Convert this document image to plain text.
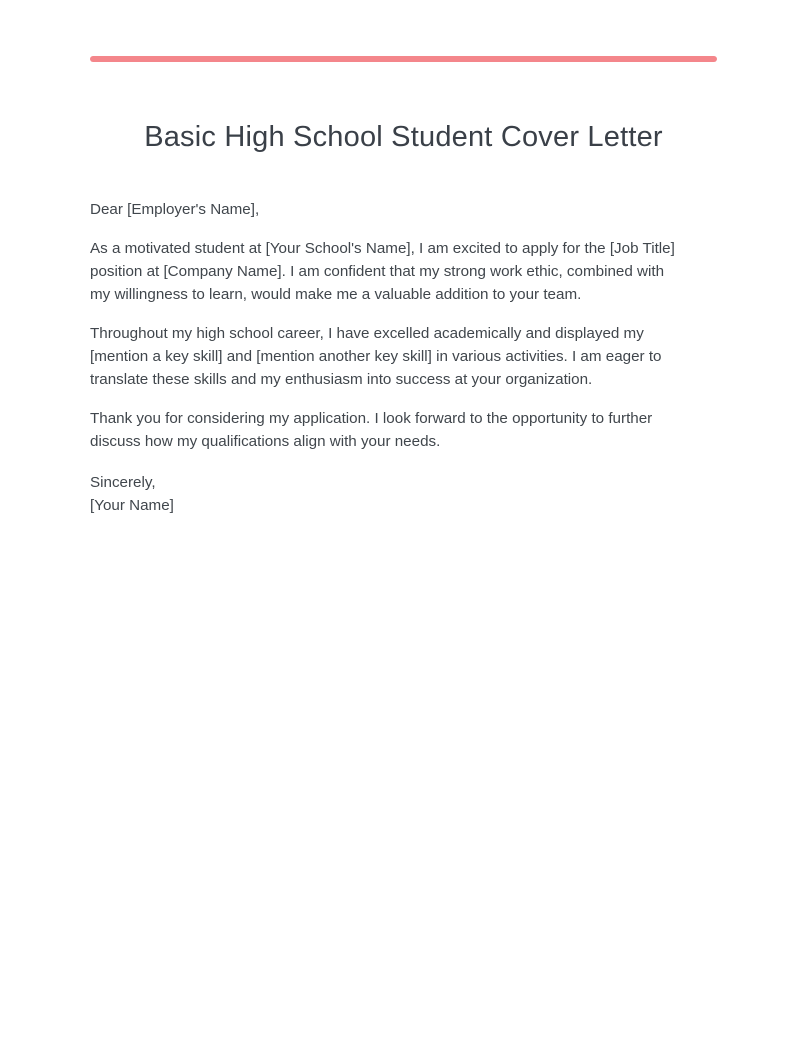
Basic High School Student Cover Letter

Dear [Employer's Name],

As a motivated student at [Your School's Name], I am excited to apply for the [Job Title] position at [Company Name]. I am confident that my strong work ethic, combined with my willingness to learn, would make me a valuable addition to your team.

Throughout my high school career, I have excelled academically and displayed my [mention a key skill] and [mention another key skill] in various activities. I am eager to translate these skills and my enthusiasm into success at your organization.

Thank you for considering my application. I look forward to the opportunity to further discuss how my qualifications align with your needs.

Sincerely,

[Your Name]
